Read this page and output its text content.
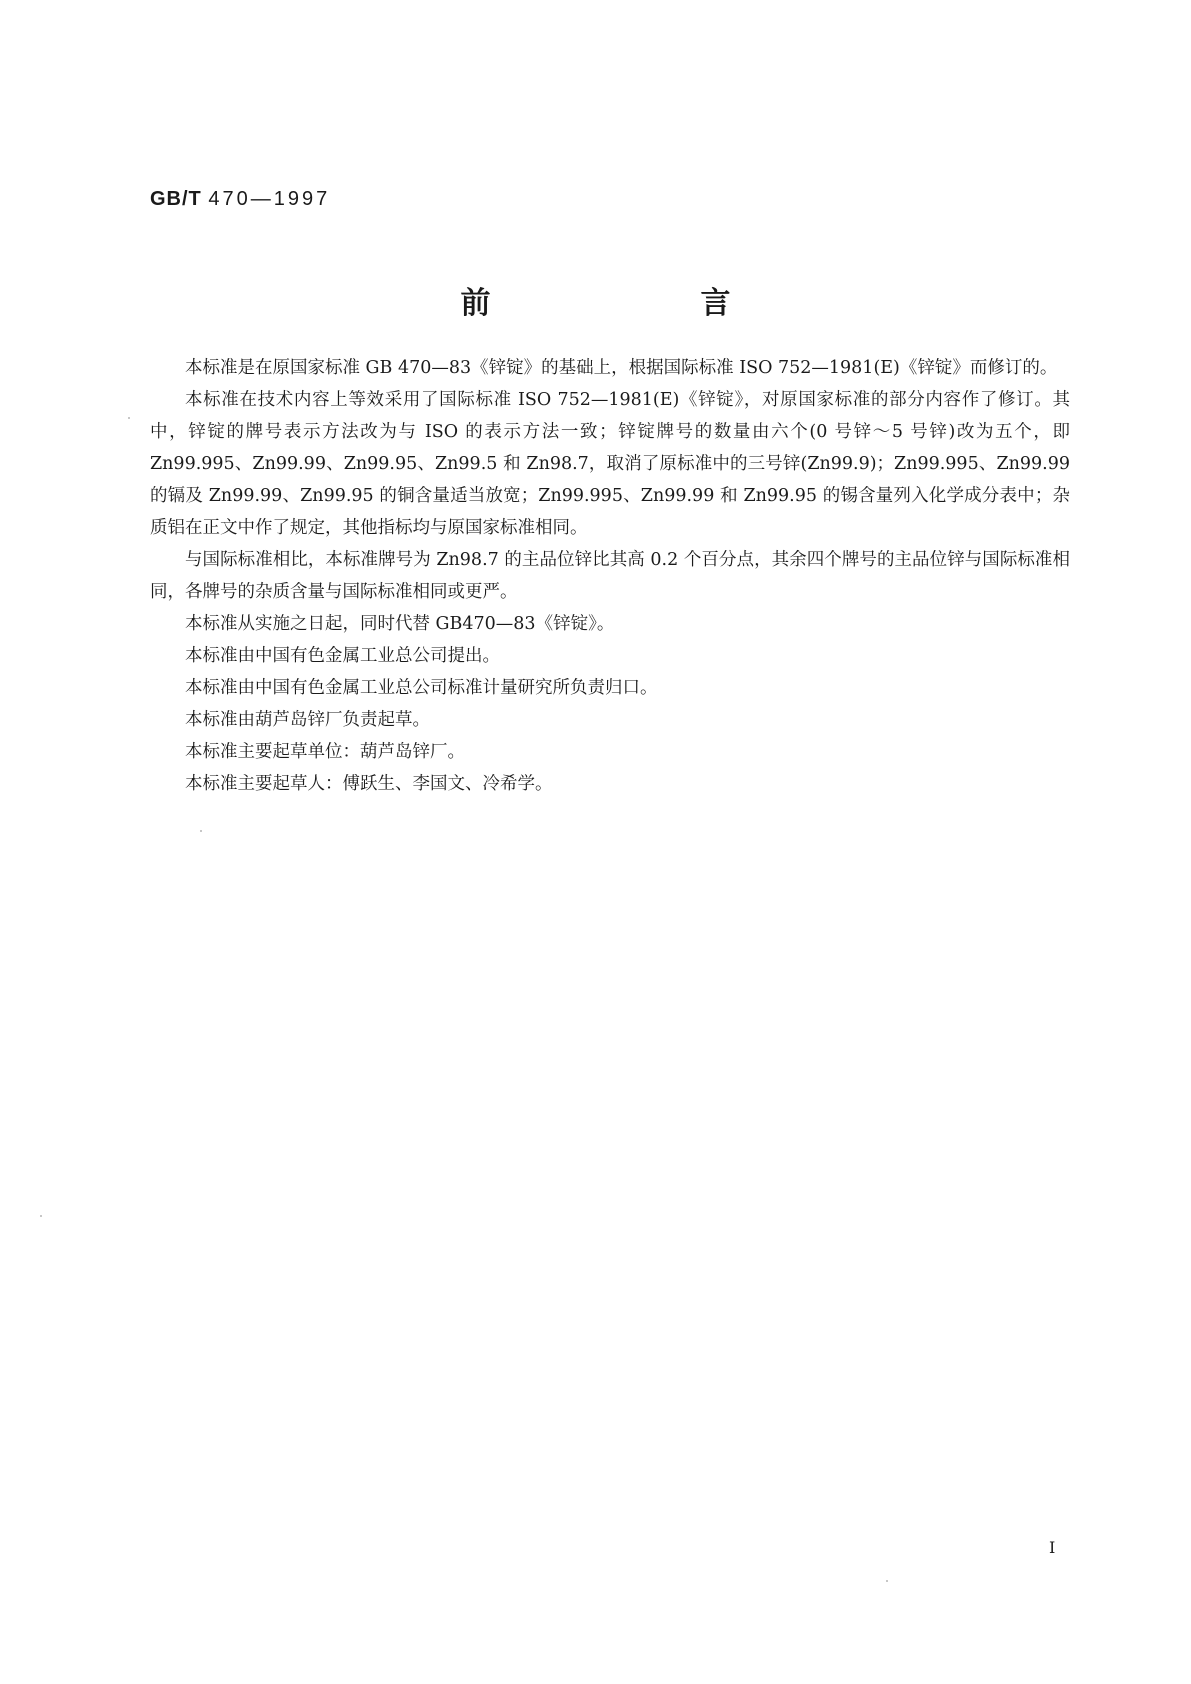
GB/T 470—1997
前　言

本标准是在原国家标准 GB 470—83《锌锭》的基础上，根据国际标准 ISO 752—1981(E)《锌锭》而修订的。

本标准在技术内容上等效采用了国际标准 ISO 752—1981(E)《锌锭》，对原国家标准的部分内容作了修订。其中，锌锭的牌号表示方法改为与 ISO 的表示方法一致；锌锭牌号的数量由六个(0 号锌～5 号锌)改为五个，即 Zn99.995、Zn99.99、Zn99.95、Zn99.5 和 Zn98.7，取消了原标准中的三号锌(Zn99.9)；Zn99.995、Zn99.99 的镉及 Zn99.99、Zn99.95 的铜含量适当放宽；Zn99.995、Zn99.99 和 Zn99.95 的锡含量列入化学成分表中；杂质铝在正文中作了规定，其他指标均与原国家标准相同。

与国际标准相比，本标准牌号为 Zn98.7 的主品位锌比其高 0.2 个百分点，其余四个牌号的主品位锌与国际标准相同，各牌号的杂质含量与国际标准相同或更严。

本标准从实施之日起，同时代替 GB470—83《锌锭》。

本标准由中国有色金属工业总公司提出。

本标准由中国有色金属工业总公司标准计量研究所负责归口。

本标准由葫芦岛锌厂负责起草。

本标准主要起草单位：葫芦岛锌厂。

本标准主要起草人：傅跃生、李国文、冷希学。

I
